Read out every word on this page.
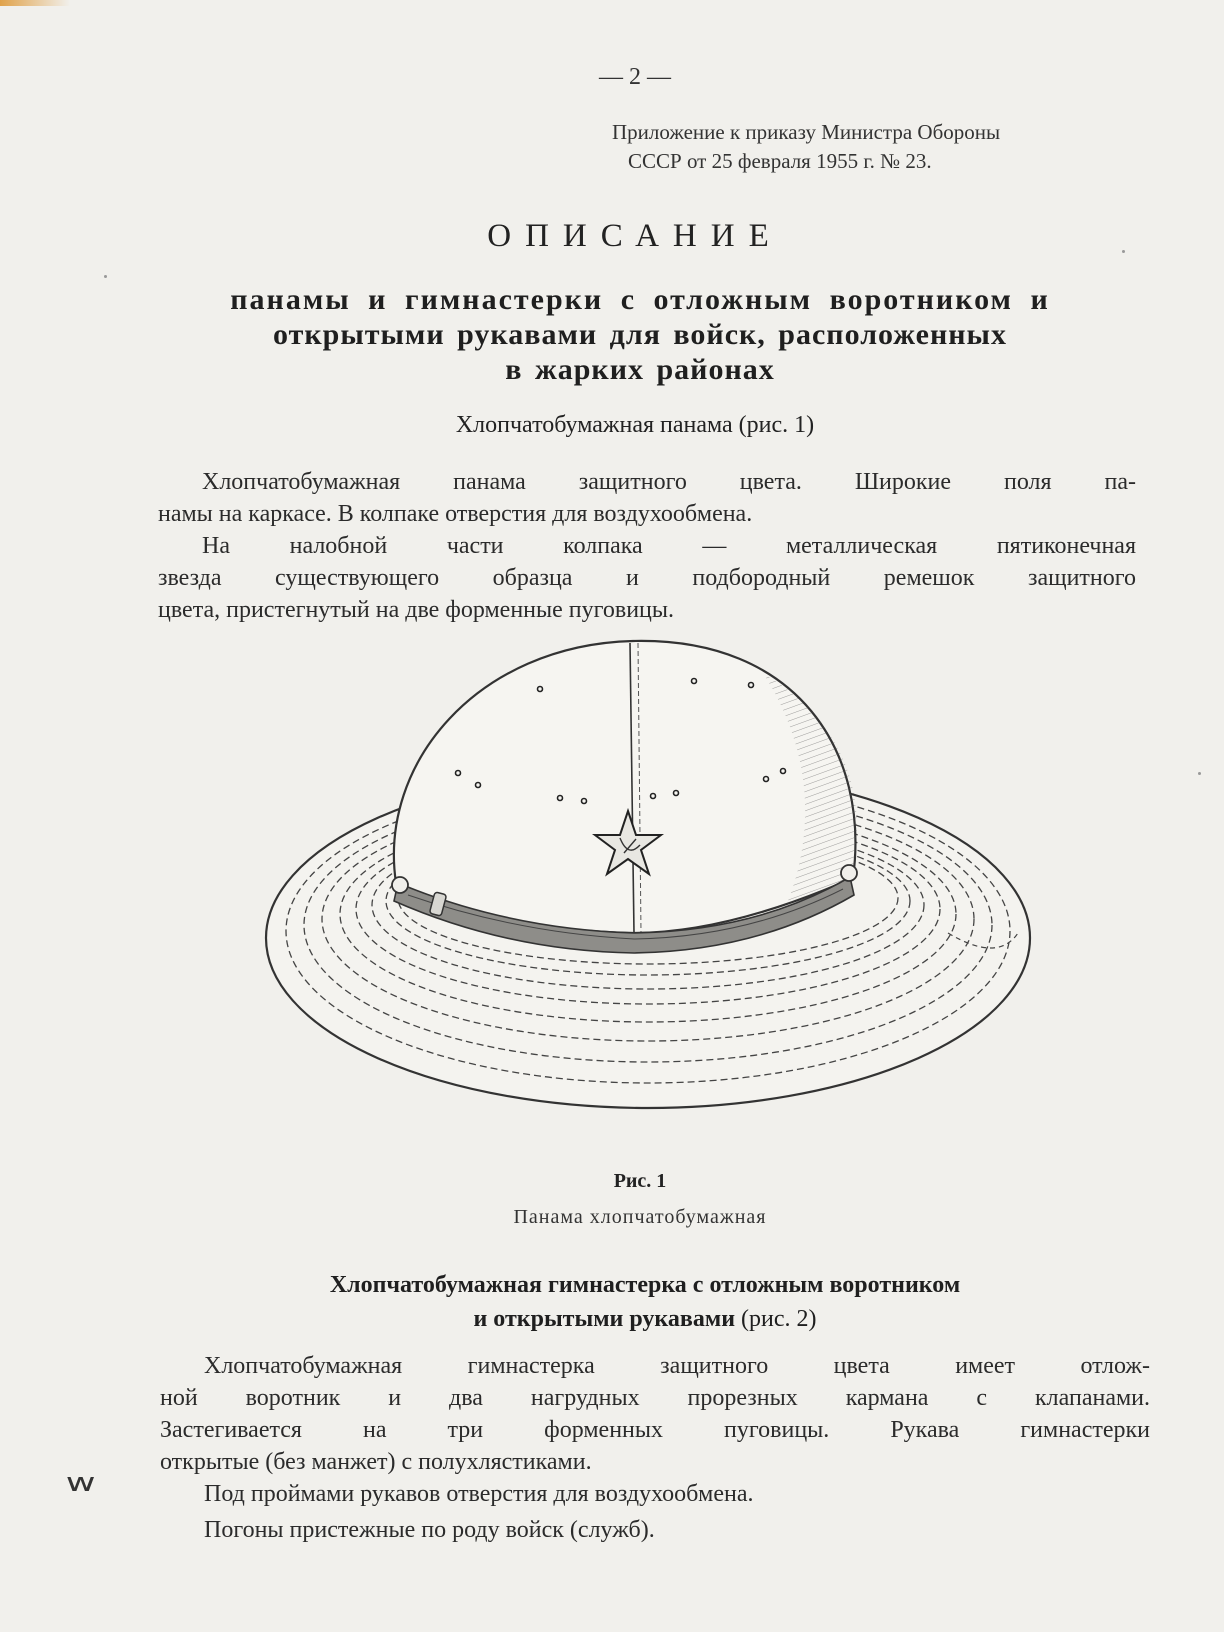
— 2 —
Приложение к приказу Министра Обороны
СССР от 25 февраля 1955 г. № 23.
ОПИСАНИЕ
панамы и гимнастерки с отложным воротником и
открытыми рукавами для войск, расположенных
в жарких районах
Хлопчатобумажная панама (рис. 1)
Хлопчатобумажная панама защитного цвета. Широкие поля па-
намы на каркасе. В колпаке отверстия для воздухообмена.
На налобной части колпака — металлическая пятиконечная
звезда существующего образца и подбородный ремешок защитного
цвета, пристегнутый на две форменные пуговицы.
Рис. 1
Панама хлопчатобумажная
Хлопчатобумажная гимнастерка с отложным воротником
и открытыми рукавами (рис. 2)
Хлопчатобумажная гимнастерка защитного цвета имеет отлож-
ной воротник и два нагрудных прорезных кармана с клапанами.
Застегивается на три форменных пуговицы. Рукава гимнастерки
открытые (без манжет) с полухлястиками.
Под проймами рукавов отверстия для воздухообмена.
Погоны пристежные по роду войск (служб).
w
